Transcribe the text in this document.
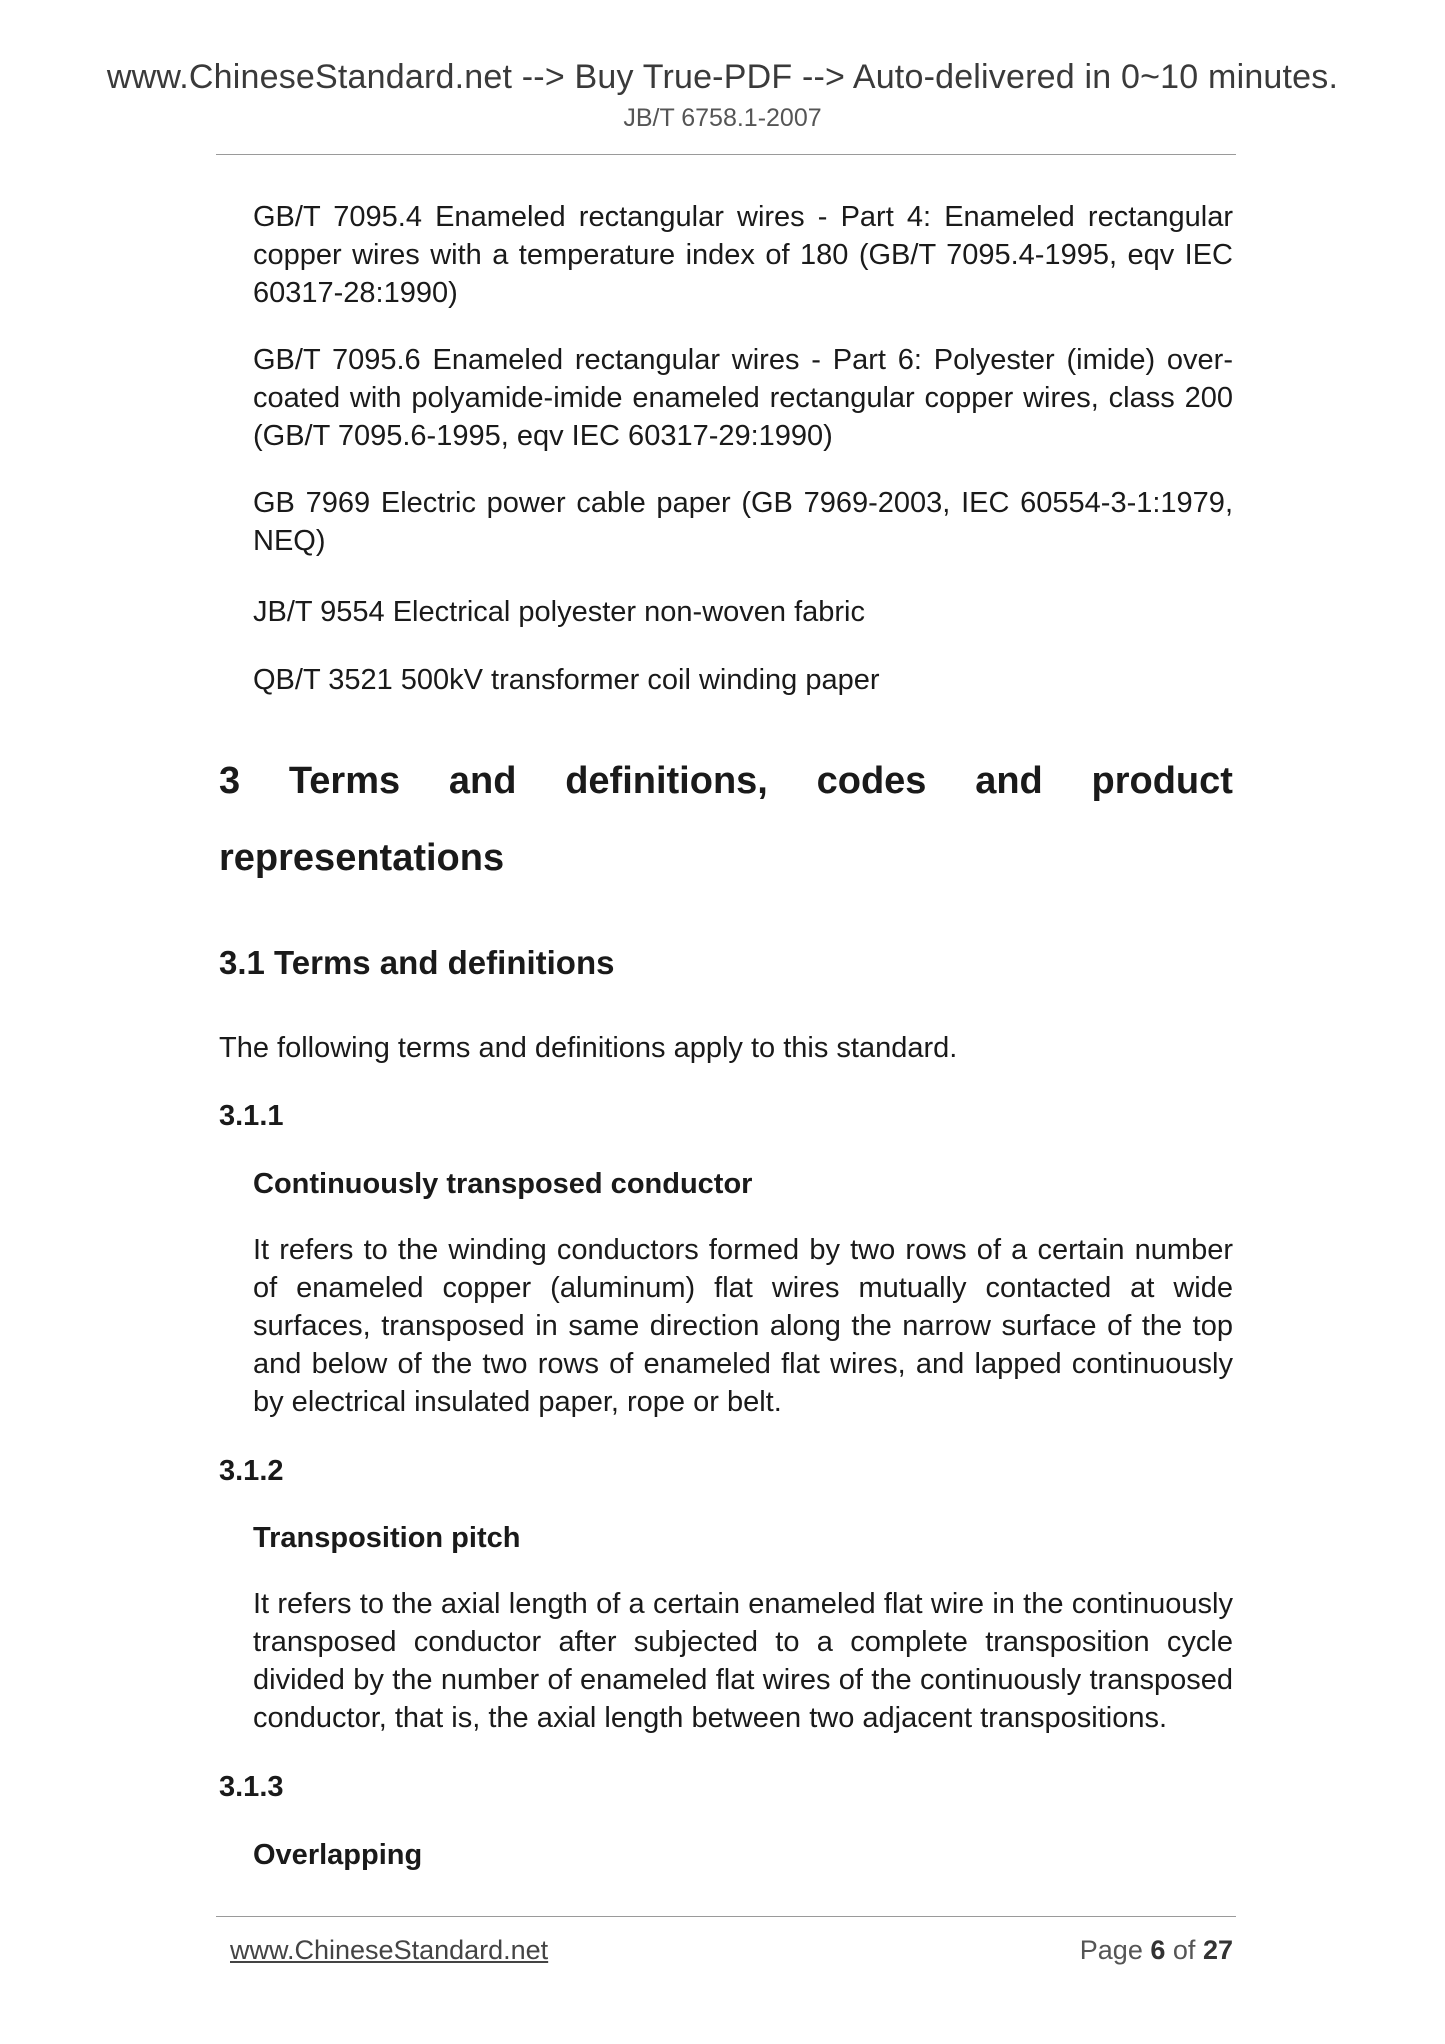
www.ChineseStandard.net --> Buy True-PDF --> Auto-delivered in 0~10 minutes.
JB/T 6758.1-2007
GB/T 7095.4 Enameled rectangular wires - Part 4: Enameled rectangular copper wires with a temperature index of 180 (GB/T 7095.4-1995, eqv IEC 60317-28:1990)
GB/T 7095.6 Enameled rectangular wires - Part 6: Polyester (imide) over-coated with polyamide-imide enameled rectangular copper wires, class 200 (GB/T 7095.6-1995, eqv IEC 60317-29:1990)
GB 7969 Electric power cable paper (GB 7969-2003, IEC 60554-3-1:1979, NEQ)
JB/T 9554 Electrical polyester non-woven fabric
QB/T 3521 500kV transformer coil winding paper
3 Terms and definitions, codes and product
representations
3.1 Terms and definitions
The following terms and definitions apply to this standard.
3.1.1
Continuously transposed conductor
It refers to the winding conductors formed by two rows of a certain number of enameled copper (aluminum) flat wires mutually contacted at wide surfaces, transposed in same direction along the narrow surface of the top and below of the two rows of enameled flat wires, and lapped continuously by electrical insulated paper, rope or belt.
3.1.2
Transposition pitch
It refers to the axial length of a certain enameled flat wire in the continuously transposed conductor after subjected to a complete transposition cycle divided by the number of enameled flat wires of the continuously transposed conductor, that is, the axial length between two adjacent transpositions.
3.1.3
Overlapping
www.ChineseStandard.net	Page 6 of 27
